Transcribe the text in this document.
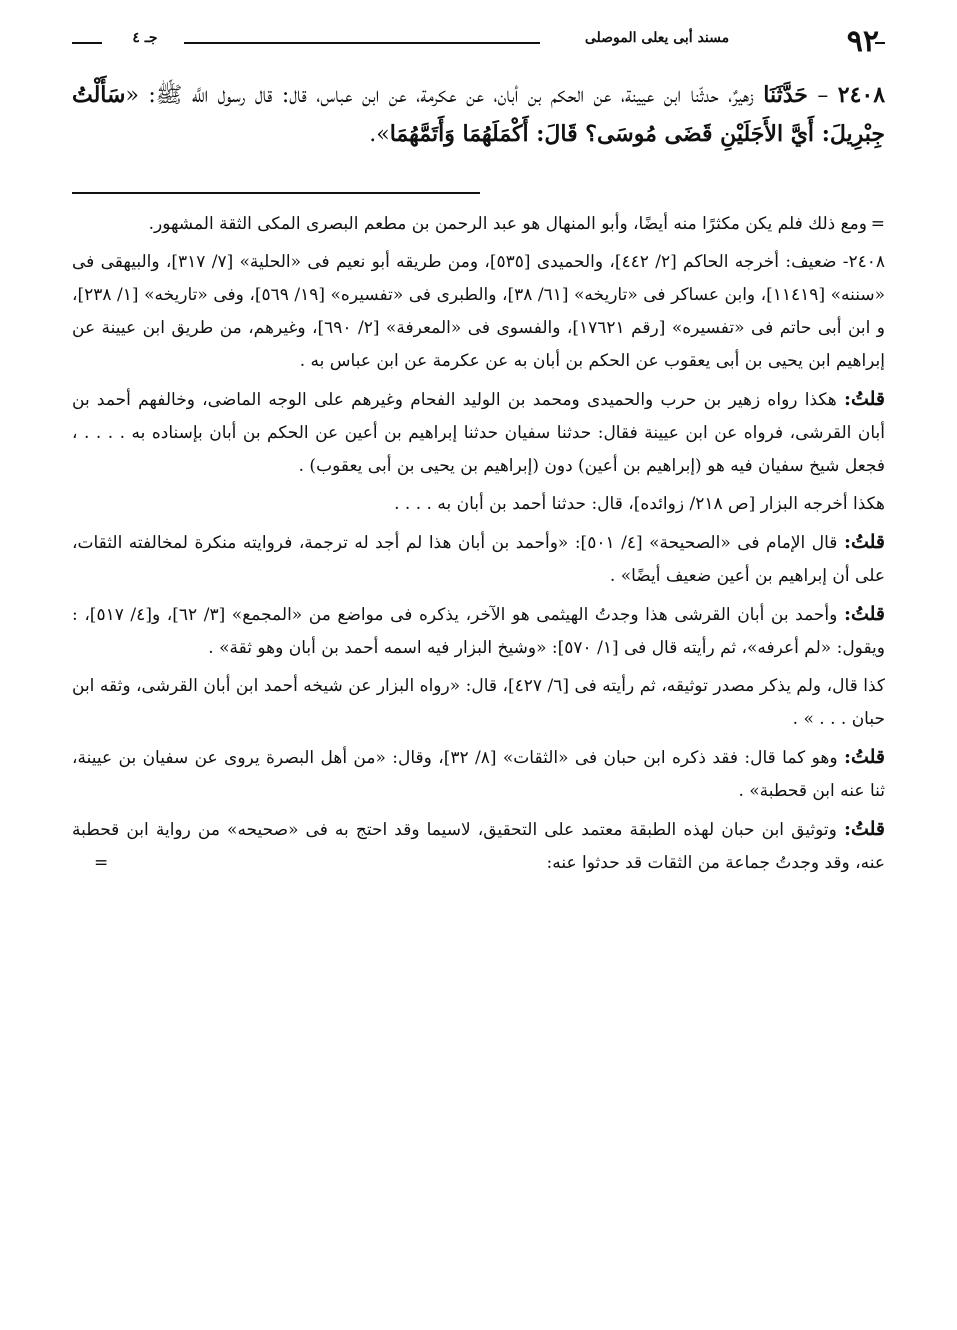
٩٢
مسند أبى يعلى الموصلى
جـ ٤
٢٤٠٨ – حَدَّثَنَا زهيرٌ، حدثّنا ابن عيينة، عن الحكم بن أبان، عن عكرمة، عن ابن عباس، قال: قال رسول اللَّه ﷺ: «سَأَلْتُ جِبْرِيلَ: أَيَّ الأَجَلَيْنِ قَضَى مُوسَى؟ قَالَ: أَكْمَلَهُمَا وَأَتَمَّهُمَا».

=
ومع ذلك فلم يكن مكثرًا منه أيضًا، وأبو المنهال هو عبد الرحمن بن مطعم البصرى المكى الثقة المشهور.

٢٤٠٨- ضعيف: أخرجه الحاكم [٢/ ٤٤٢]، والحميدى [٥٣٥]، ومن طريقه أبو نعيم فى «الحلية» [٧/ ٣١٧]، والبيهقى فى «سننه» [١١٤١٩]، وابن عساكر فى «تاريخه» [٦١/ ٣٨]، والطبرى فى «تفسيره» [١٩/ ٥٦٩]، وفى «تاريخه» [١/ ٢٣٨]، و ابن أبى حاتم فى «تفسيره» [رقم ١٧٦٢١]، والفسوى فى «المعرفة» [٢/ ٦٩٠]، وغيرهم، من طريق ابن عيينة عن إبراهيم ابن يحيى بن أبى يعقوب عن الحكم بن أبان به عن عكرمة عن ابن عباس به .

قلتُ: هكذا رواه زهير بن حرب والحميدى ومحمد بن الوليد الفحام وغيرهم على الوجه الماضى، وخالفهم أحمد بن أبان القرشى، فرواه عن ابن عيينة فقال: حدثنا سفيان حدثنا إبراهيم بن أعين عن الحكم بن أبان بإسناده به . . . . ، فجعل شيخ سفيان فيه هو (إبراهيم بن أعين) دون (إبراهيم بن يحيى بن أبى يعقوب) .

هكذا أخرجه البزار [ص ٢١٨/ زوائده]، قال: حدثنا أحمد بن أبان به . . . .

قلتُ: قال الإمام فى «الصحيحة» [٤/ ٥٠١]: «وأحمد بن أبان هذا لم أجد له ترجمة، فروايته منكرة لمخالفته الثقات، على أن إبراهيم بن أعين ضعيف أيضًا» .

قلتُ: وأحمد بن أبان القرشى هذا وجدتُ الهيثمى هو الآخر، يذكره فى مواضع من «المجمع» [٣/ ٦٢]، و[٤/ ٥١٧]، : ويقول: «لم أعرفه»، ثم رأيته قال فى [١/ ٥٧٠]: «وشيخ البزار فيه اسمه أحمد بن أبان وهو ثقة» .

كذا قال، ولم يذكر مصدر توثيقه، ثم رأيته فى [٦/ ٤٢٧]، قال: «رواه البزار عن شيخه أحمد ابن أبان القرشى، وثقه ابن حبان . . . » .

قلتُ: وهو كما قال: فقد ذكره ابن حبان فى «الثقات» [٨/ ٣٢]، وقال: «من أهل البصرة يروى عن سفيان بن عيينة، ثنا عنه ابن قحطبة» .

قلتُ: وتوثيق ابن حبان لهذه الطبقة معتمد على التحقيق، لاسيما وقد احتج به فى «صحيحه» من رواية ابن قحطبة عنه، وقد وجدتُ جماعة من الثقات قد حدثوا عنه:
=
